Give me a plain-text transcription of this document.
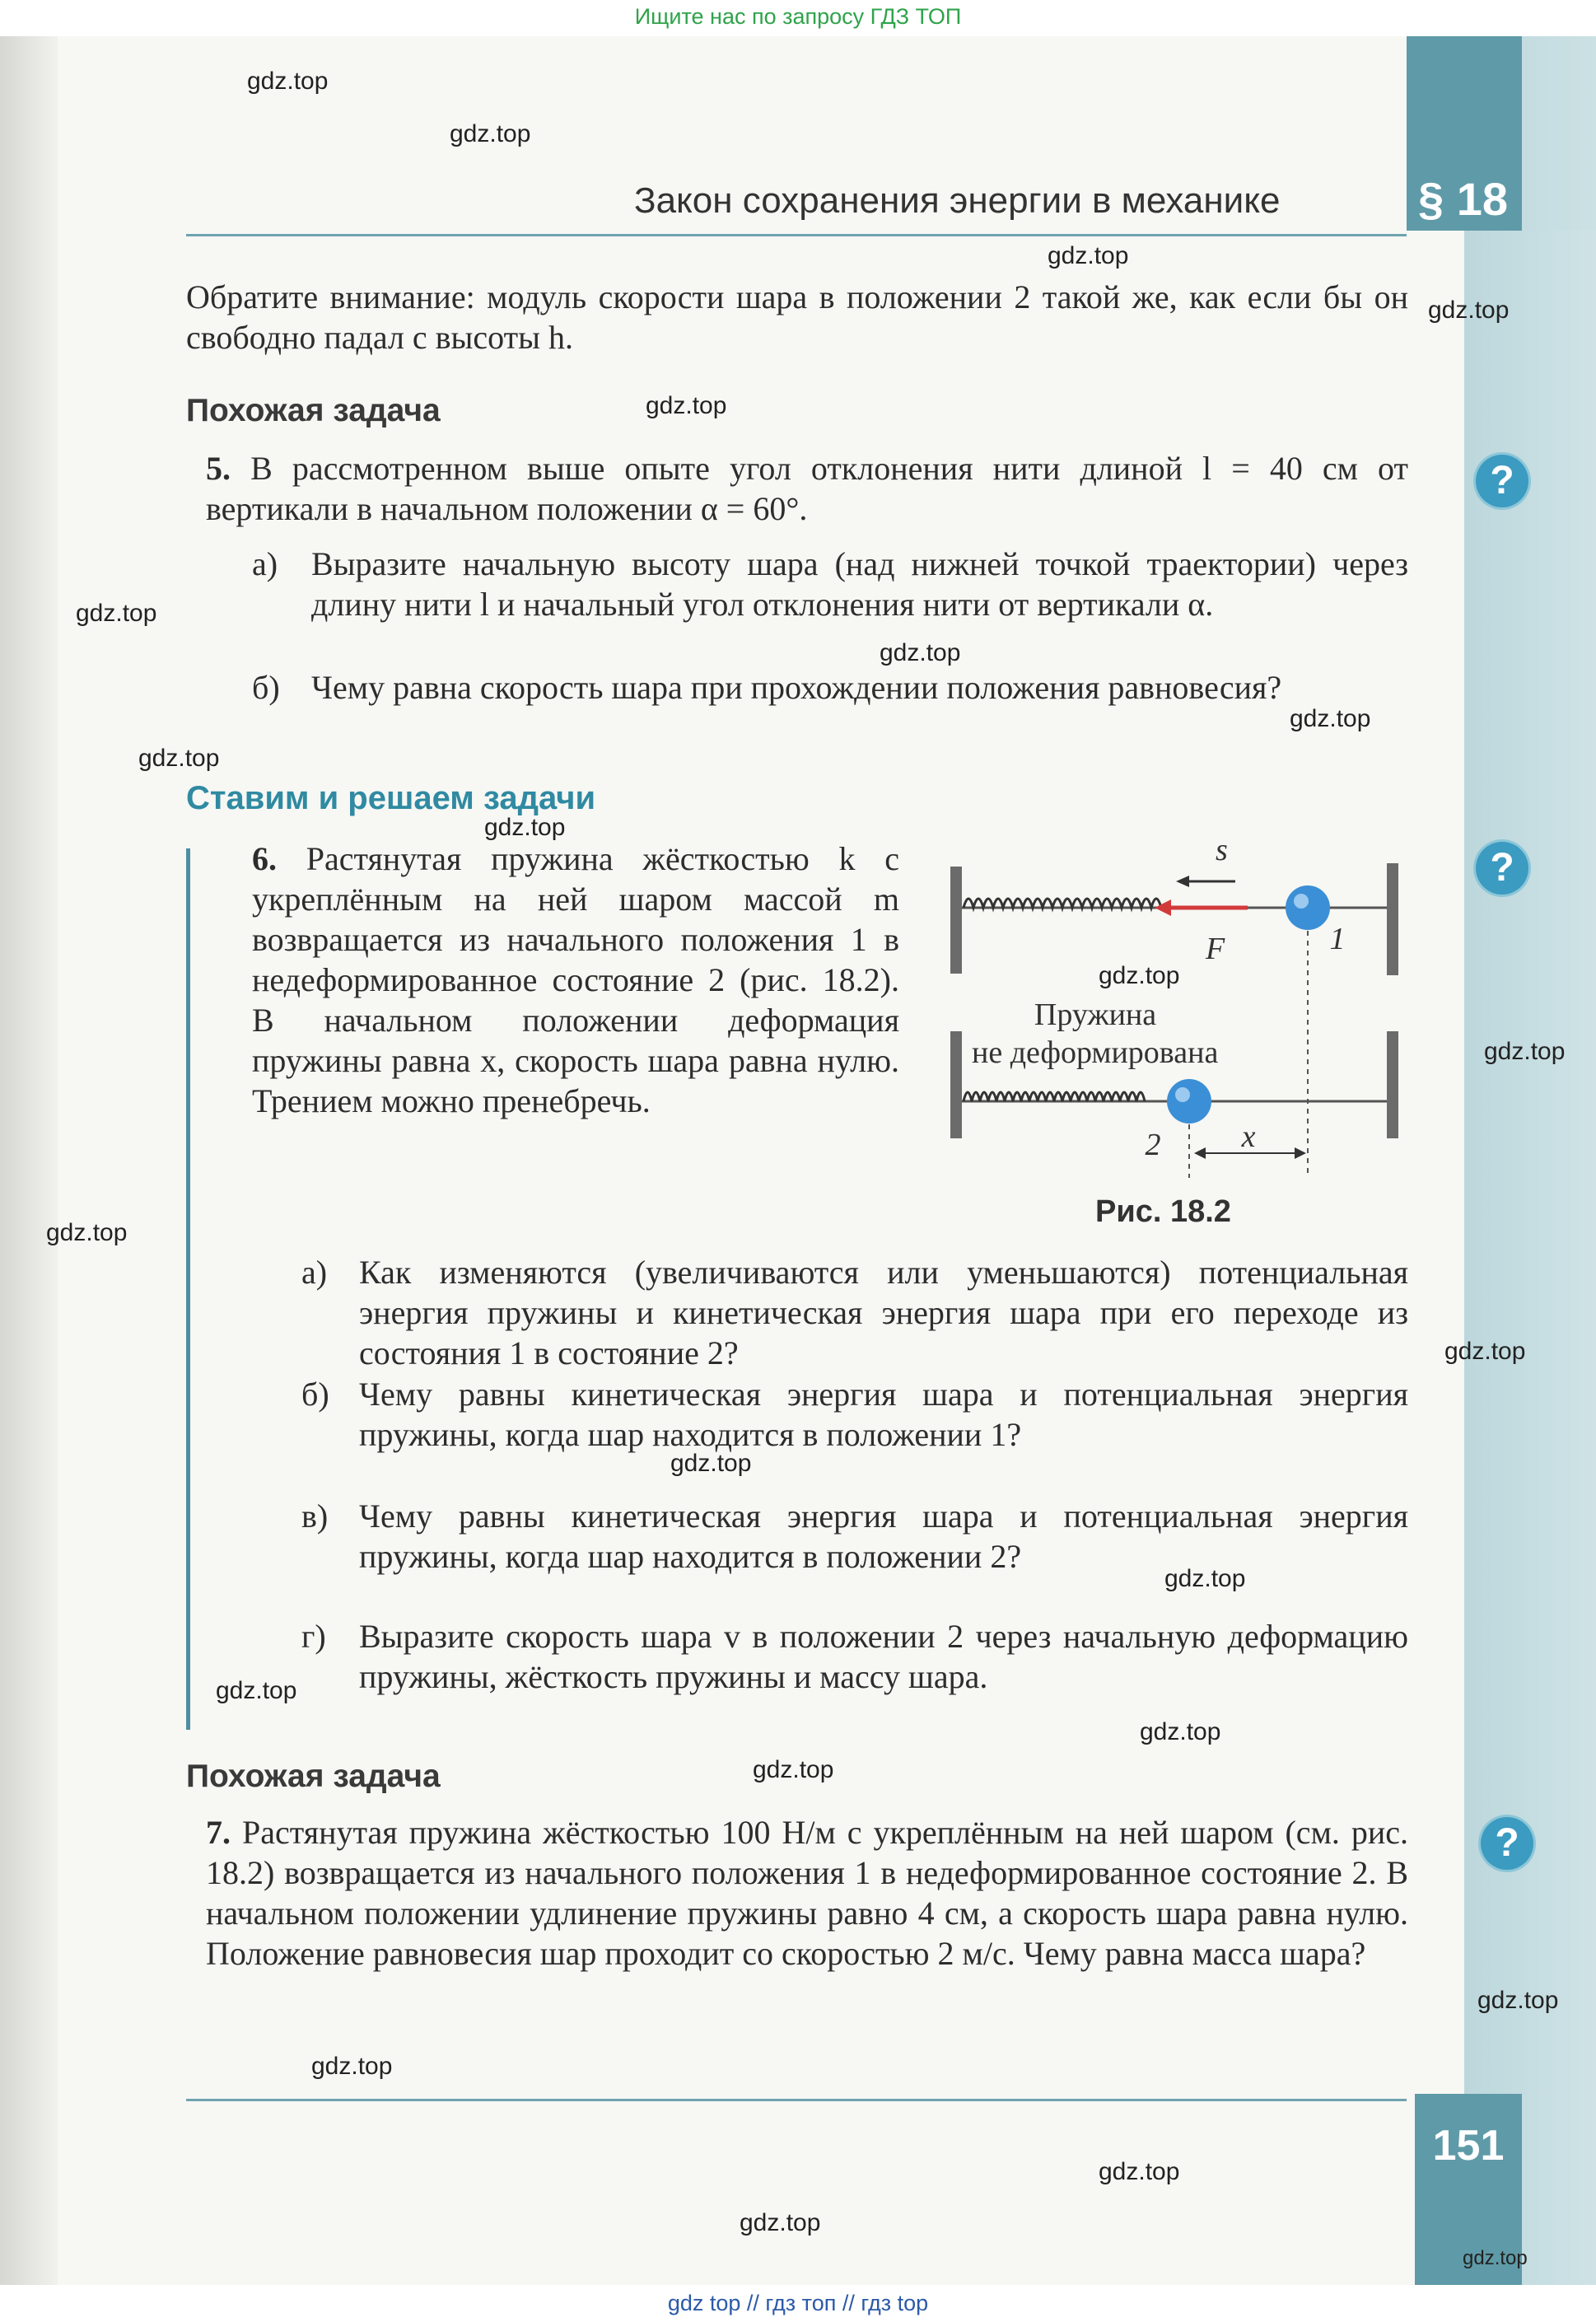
Ищите нас по запросу ГДЗ ТОП
§ 18
Закон сохранения энергии в механике
Обратите внимание: модуль скорости шара в положении 2 такой же, как если бы он свободно падал с высоты h.
Похожая задача
5. В рассмотренном выше опыте угол отклонения нити длиной l = 40 см от вертикали в начальном положении α = 60°.
а)	Выразите начальную высоту шара (над нижней точкой траектории) через длину нити l и начальный угол отклонения нити от вертикали α.
б) Чему равна скорость шара при прохождении положения равновесия?
Ставим и решаем задачи
6. Растянутая пружина жёсткостью k с укреплённым на ней шаром массой m возвращается из начального положения 1 в недеформированное состояние 2 (рис. 18.2). В начальном положении деформация пружины равна x, скорость шара равна нулю. Трением можно пренебречь.
s⃗
F⃗	1
Пружина
не деформирована
2	x
Рис. 18.2
а) Как изменяются (увеличиваются или уменьшаются) потенциальная энергия пружины и кинетическая энергия шара при его переходе из состояния 1 в состояние 2?
б) Чему равны кинетическая энергия шара и потенциальная энергия пружины, когда шар находится в положении 1?
в) Чему равны кинетическая энергия шара и потенциальная энергия пружины, когда шар находится в положении 2?
г)	Выразите скорость шара v в положении 2 через начальную деформацию пружины, жёсткость пружины и массу шара.
Похожая задача
7. Растянутая пружина жёсткостью 100 Н/м с укреплённым на ней шаром (см. рис. 18.2) возвращается из начального положения 1 в недеформированное состояние 2. В начальном положении удлинение пружины равно 4 см, а скорость шара равна нулю. Положение равновесия шар проходит со скоростью 2 м/с. Чему равна масса шара?
151
?
?
?
gdz.top
gdz.top
gdz.top
gdz.top
gdz.top
gdz.top
gdz.top
gdz.top
gdz.top
gdz.top
gdz.top
gdz.top
gdz.top
gdz.top
gdz.top
gdz.top
gdz.top
gdz.top
gdz.top
gdz.top
gdz.top
gdz.top
gdz.top
gdz.top
gdz top // гдз топ // гдз top
